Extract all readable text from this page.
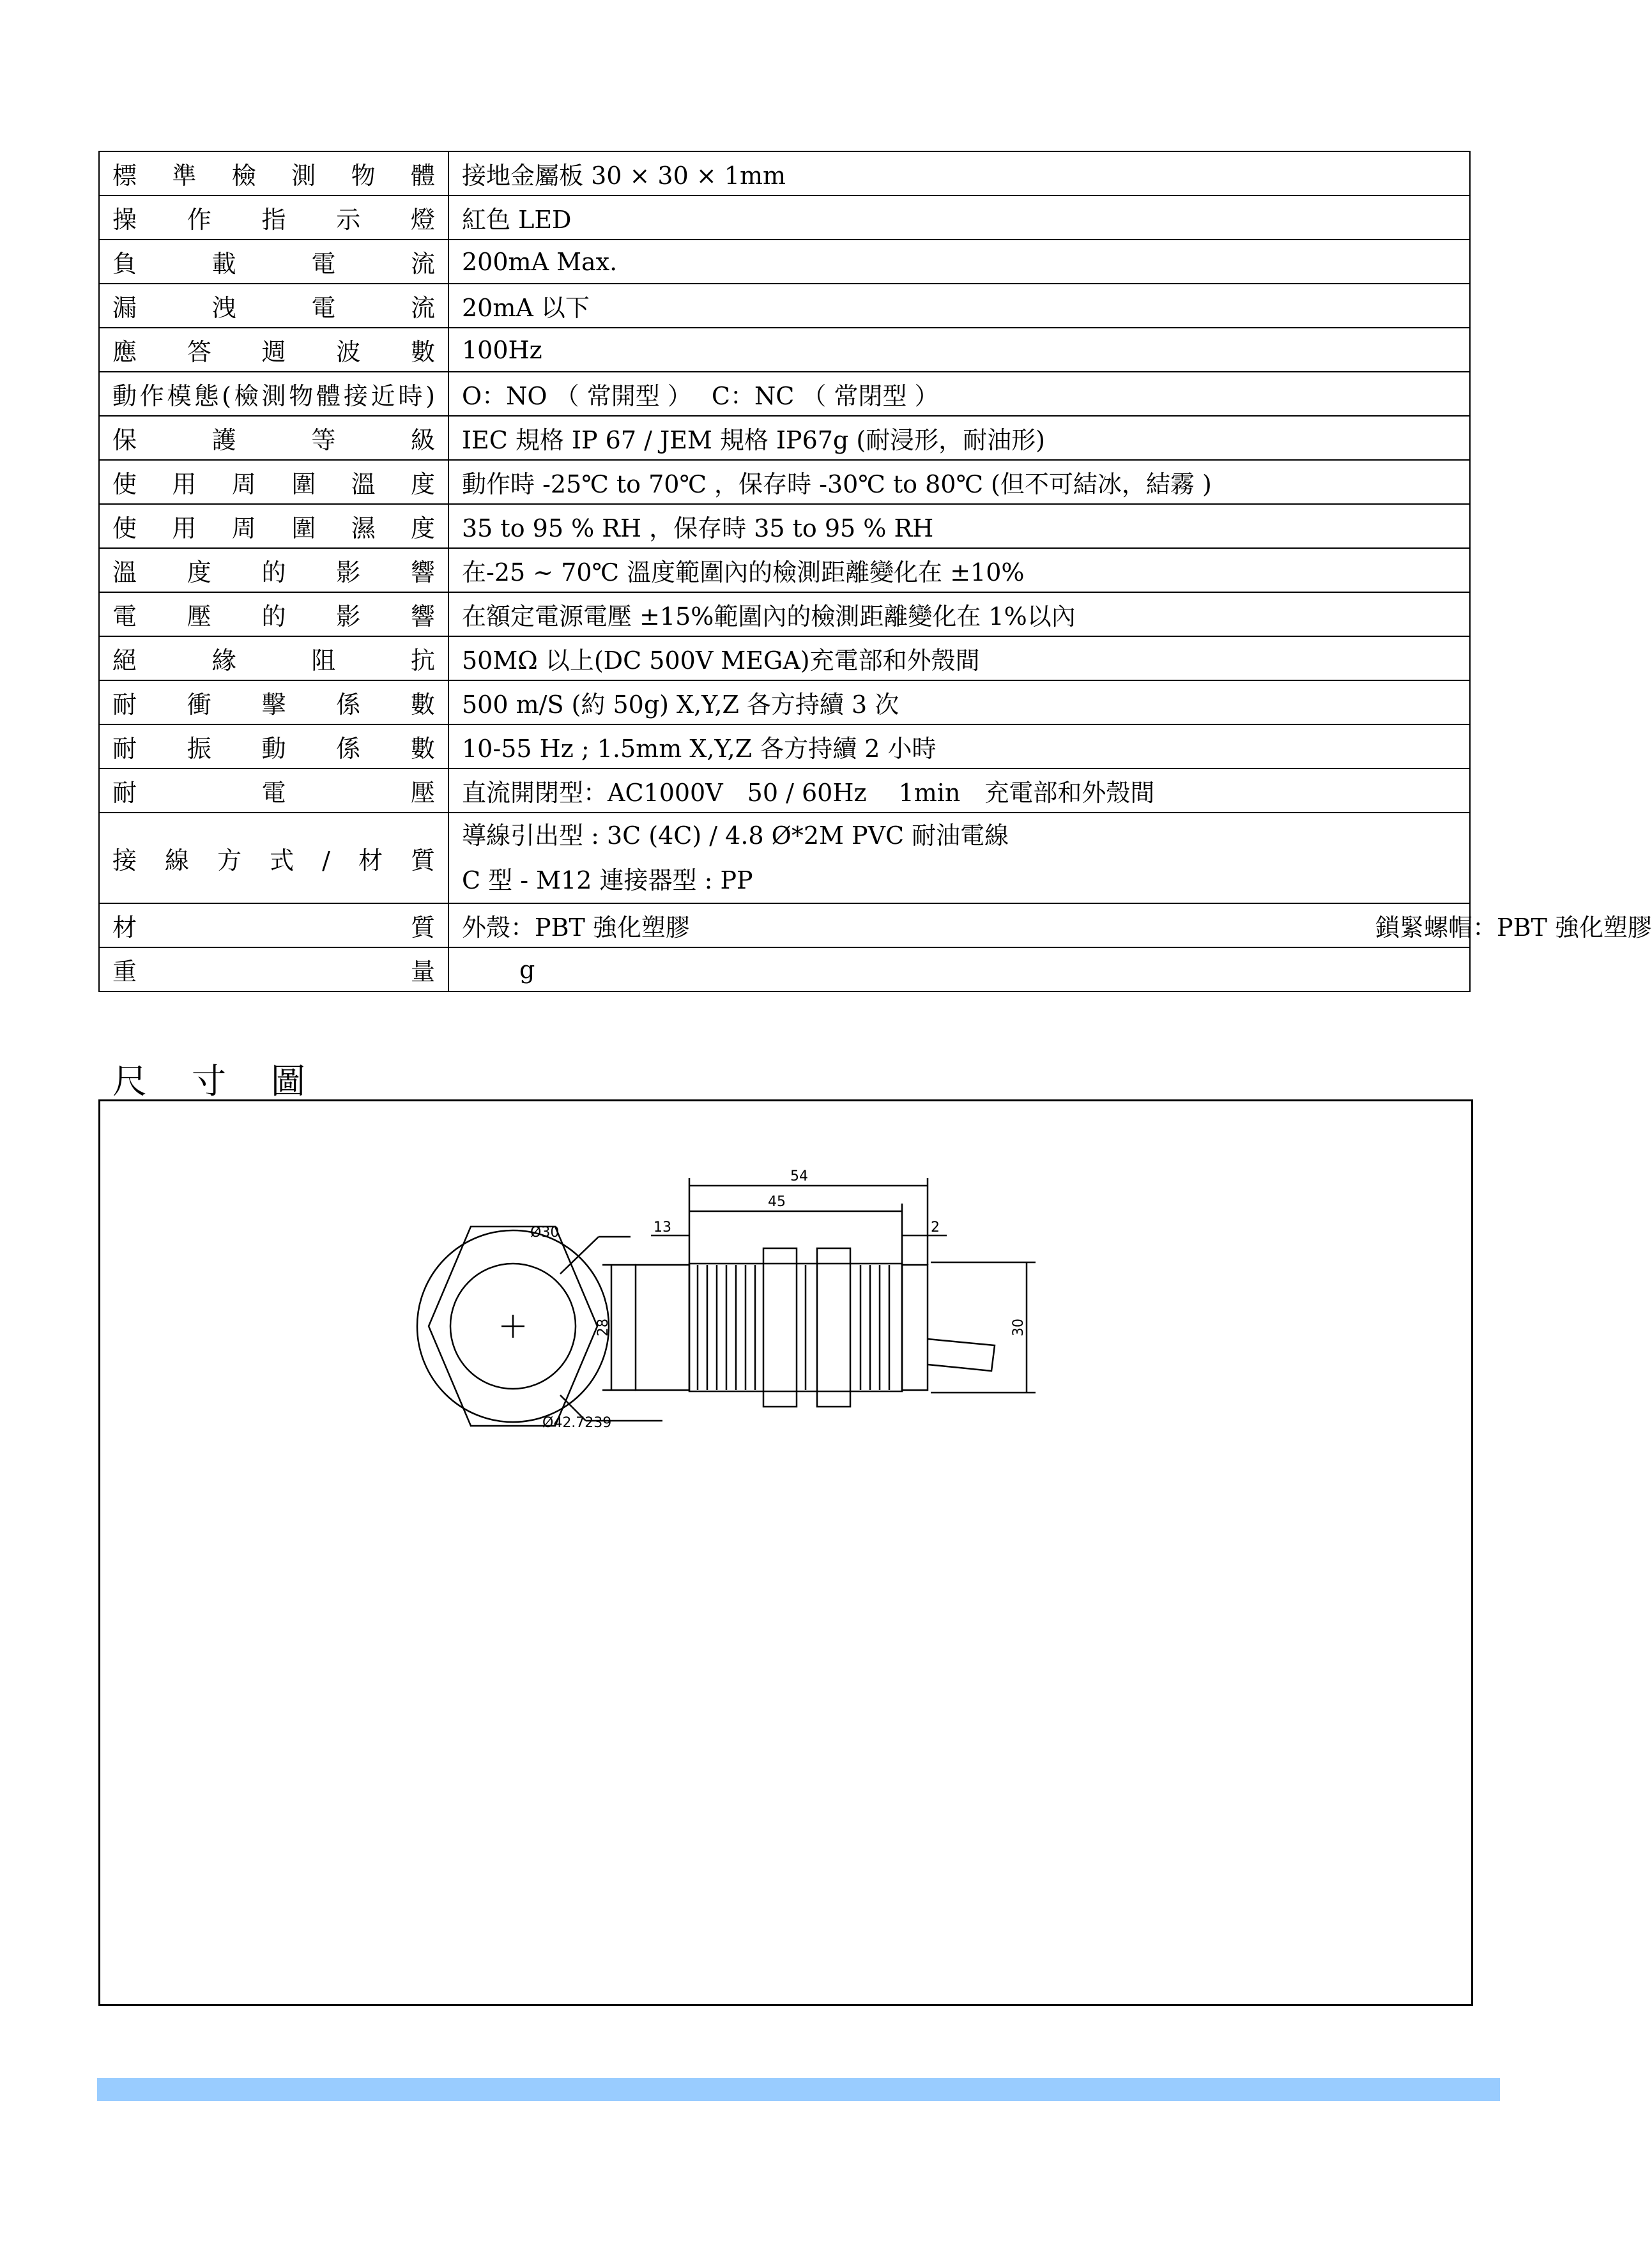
標準檢測物體	接地金屬板 30 × 30 × 1mm

操作指示燈	紅色 LED

負載電流	200mA Max.

漏洩電流	20mA 以下

應答週波數	100Hz

動作模態(檢測物體接近時)	O：NO （ 常開型 ）　 C：NC （ 常閉型 ）

保護等級	IEC 規格 IP 67 / JEM 規格 IP67g (耐浸形，耐油形)

使用周圍溫度	動作時 -25℃ to 70℃ ，保存時 -30℃ to 80℃ (但不可結冰，結霧 )

使用周圍濕度	35 to 95 % RH ，保存時 35 to 95 % RH

溫度的影響	在-25 ~ 70℃ 溫度範圍內的檢測距離變化在 ±10%

電壓的影響	在額定電源電壓 ±15%範圍內的檢測距離變化在 1%以內

絕緣阻抗	50MΩ 以上(DC 500V MEGA)充電部和外殼間

耐衝擊係數	500 m/S (約 50g) X,Y,Z 各方持續 3 次

耐振動係數	10-55 Hz ; 1.5mm X,Y,Z 各方持續 2 小時

耐電壓	直流開閉型：AC1000V　50 / 60Hz　 1min　充電部和外殼間

接線方式/材質	導線引出型 : 3C (4C) / 4.8 Ø*2M PVC 耐油電線
C 型 - M12 連接器型 : PP

材質	外殼：PBT 強化塑膠 鎖緊螺帽：PBT 強化塑膠

重量	g
尺寸圖
Ø30
Ø42.7239
54
45
13	2
28	30
